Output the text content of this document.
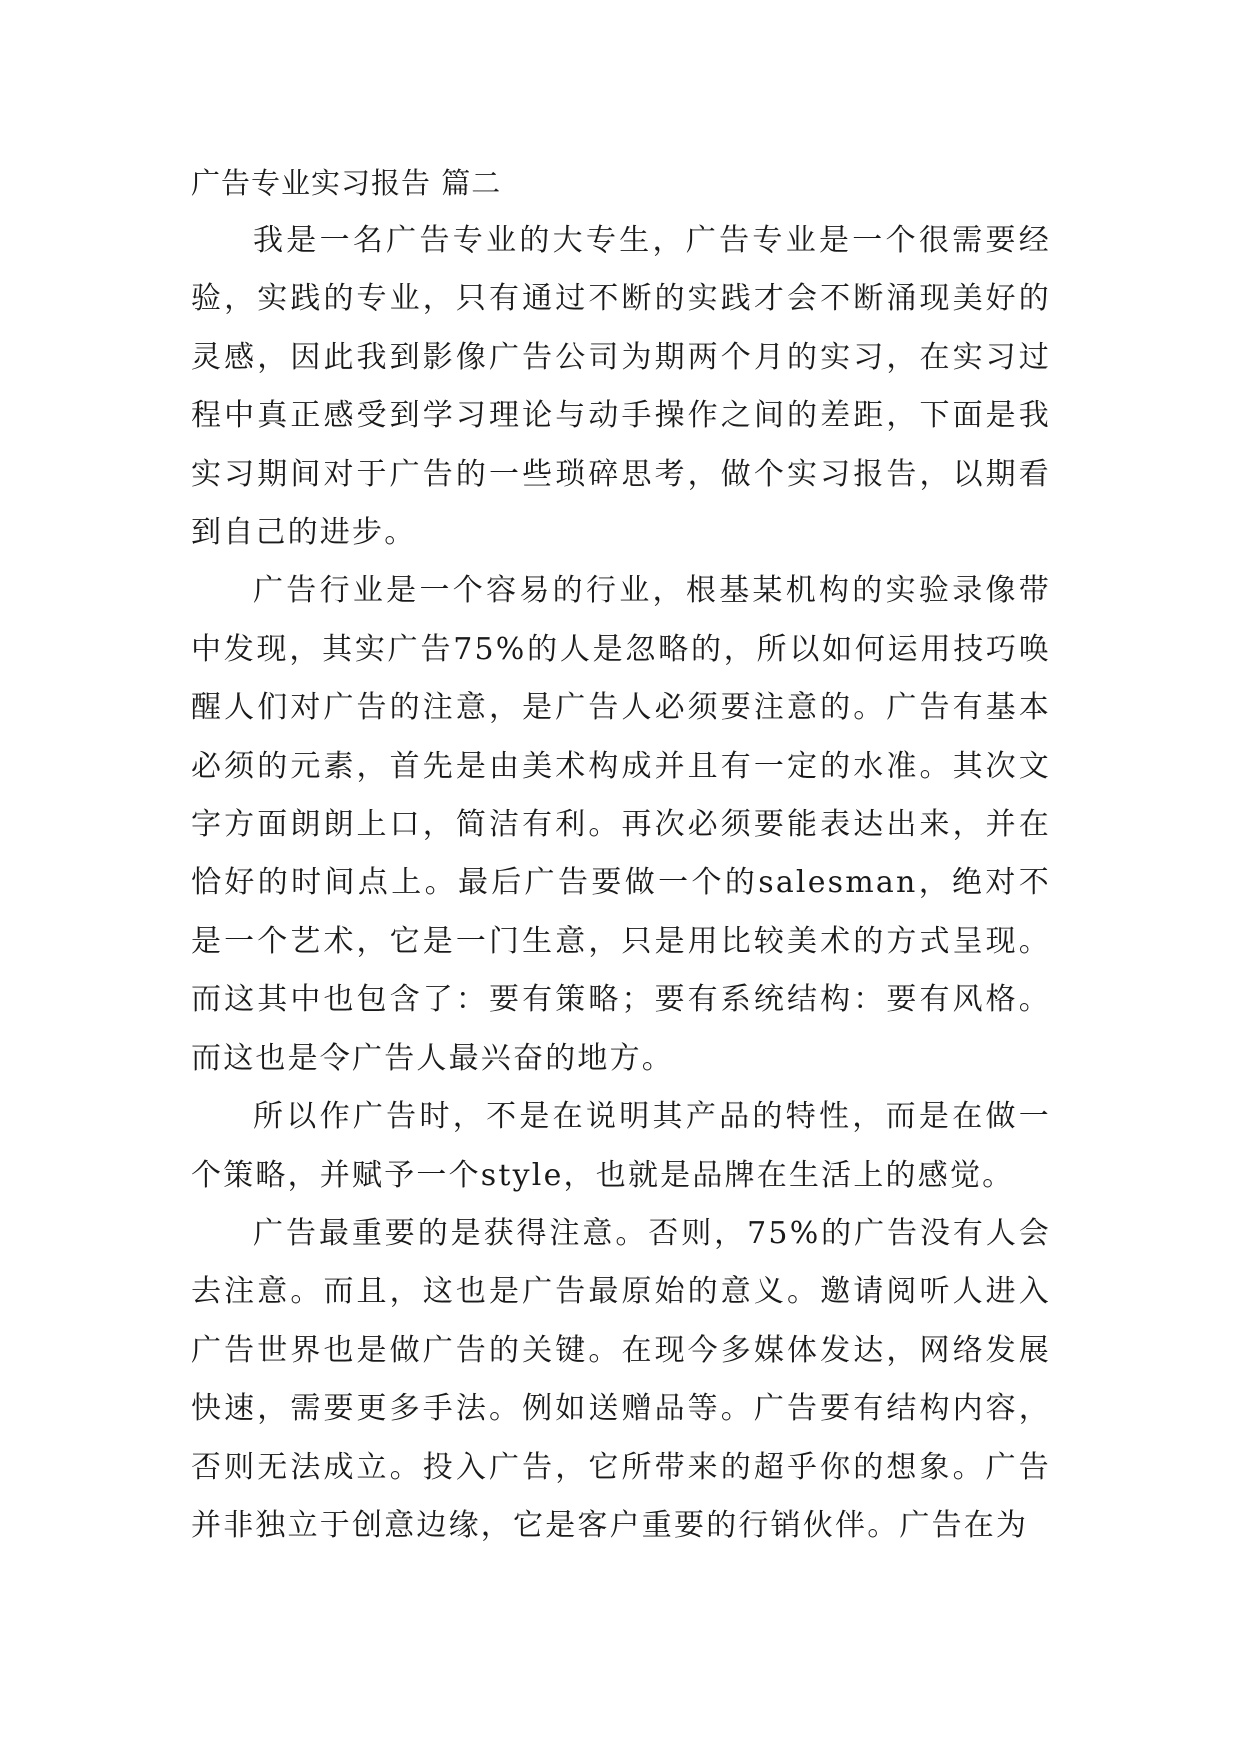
广告专业实习报告 篇二

我是一名广告专业的大专生，广告专业是一个很需要经验，实践的专业，只有通过不断的实践才会不断涌现美好的灵感，因此我到影像广告公司为期两个月的实习，在实习过程中真正感受到学习理论与动手操作之间的差距，下面是我实习期间对于广告的一些琐碎思考，做个实习报告，以期看到自己的进步。

广告行业是一个容易的行业，根基某机构的实验录像带中发现，其实广告75%的人是忽略的，所以如何运用技巧唤醒人们对广告的注意，是广告人必须要注意的。广告有基本必须的元素，首先是由美术构成并且有一定的水准。其次文字方面朗朗上口，简洁有利。再次必须要能表达出来，并在恰好的时间点上。最后广告要做一个的salesman，绝对不是一个艺术，它是一门生意，只是用比较美术的方式呈现。而这其中也包含了：要有策略；要有系统结构：要有风格。而这也是令广告人最兴奋的地方。

所以作广告时，不是在说明其产品的特性，而是在做一个策略，并赋予一个style，也就是品牌在生活上的感觉。

广告最重要的是获得注意。否则，75%的广告没有人会去注意。而且，这也是广告最原始的意义。邀请阅听人进入广告世界也是做广告的关键。在现今多媒体发达，网络发展快速，需要更多手法。例如送赠品等。广告要有结构内容，否则无法成立。投入广告，它所带来的超乎你的想象。广告并非独立于创意边缘，它是客户重要的行销伙伴。广告在为
